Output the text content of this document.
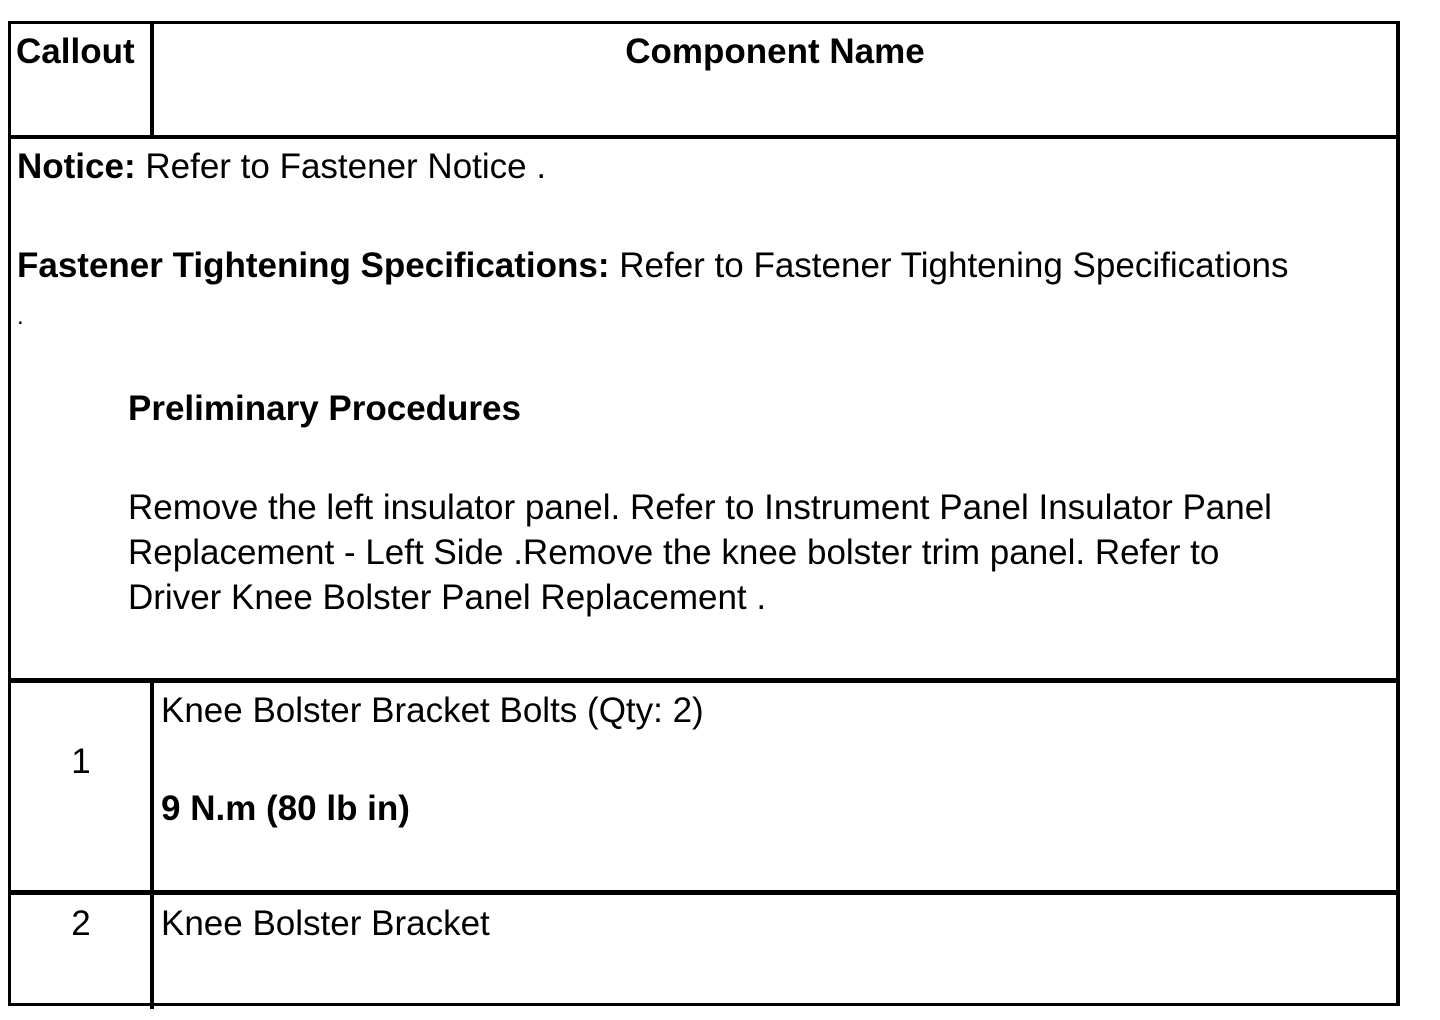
Callout	Component Name
Notice: Refer to Fastener Notice .
Fastener Tightening Specifications: Refer to Fastener Tightening Specifications
.
Preliminary Procedures
Remove the left insulator panel. Refer to Instrument Panel Insulator Panel
Replacement - Left Side .Remove the knee bolster trim panel. Refer to
Driver Knee Bolster Panel Replacement .
1
Knee Bolster Bracket Bolts (Qty: 2)
9 N.m (80 lb in)
2	Knee Bolster Bracket
